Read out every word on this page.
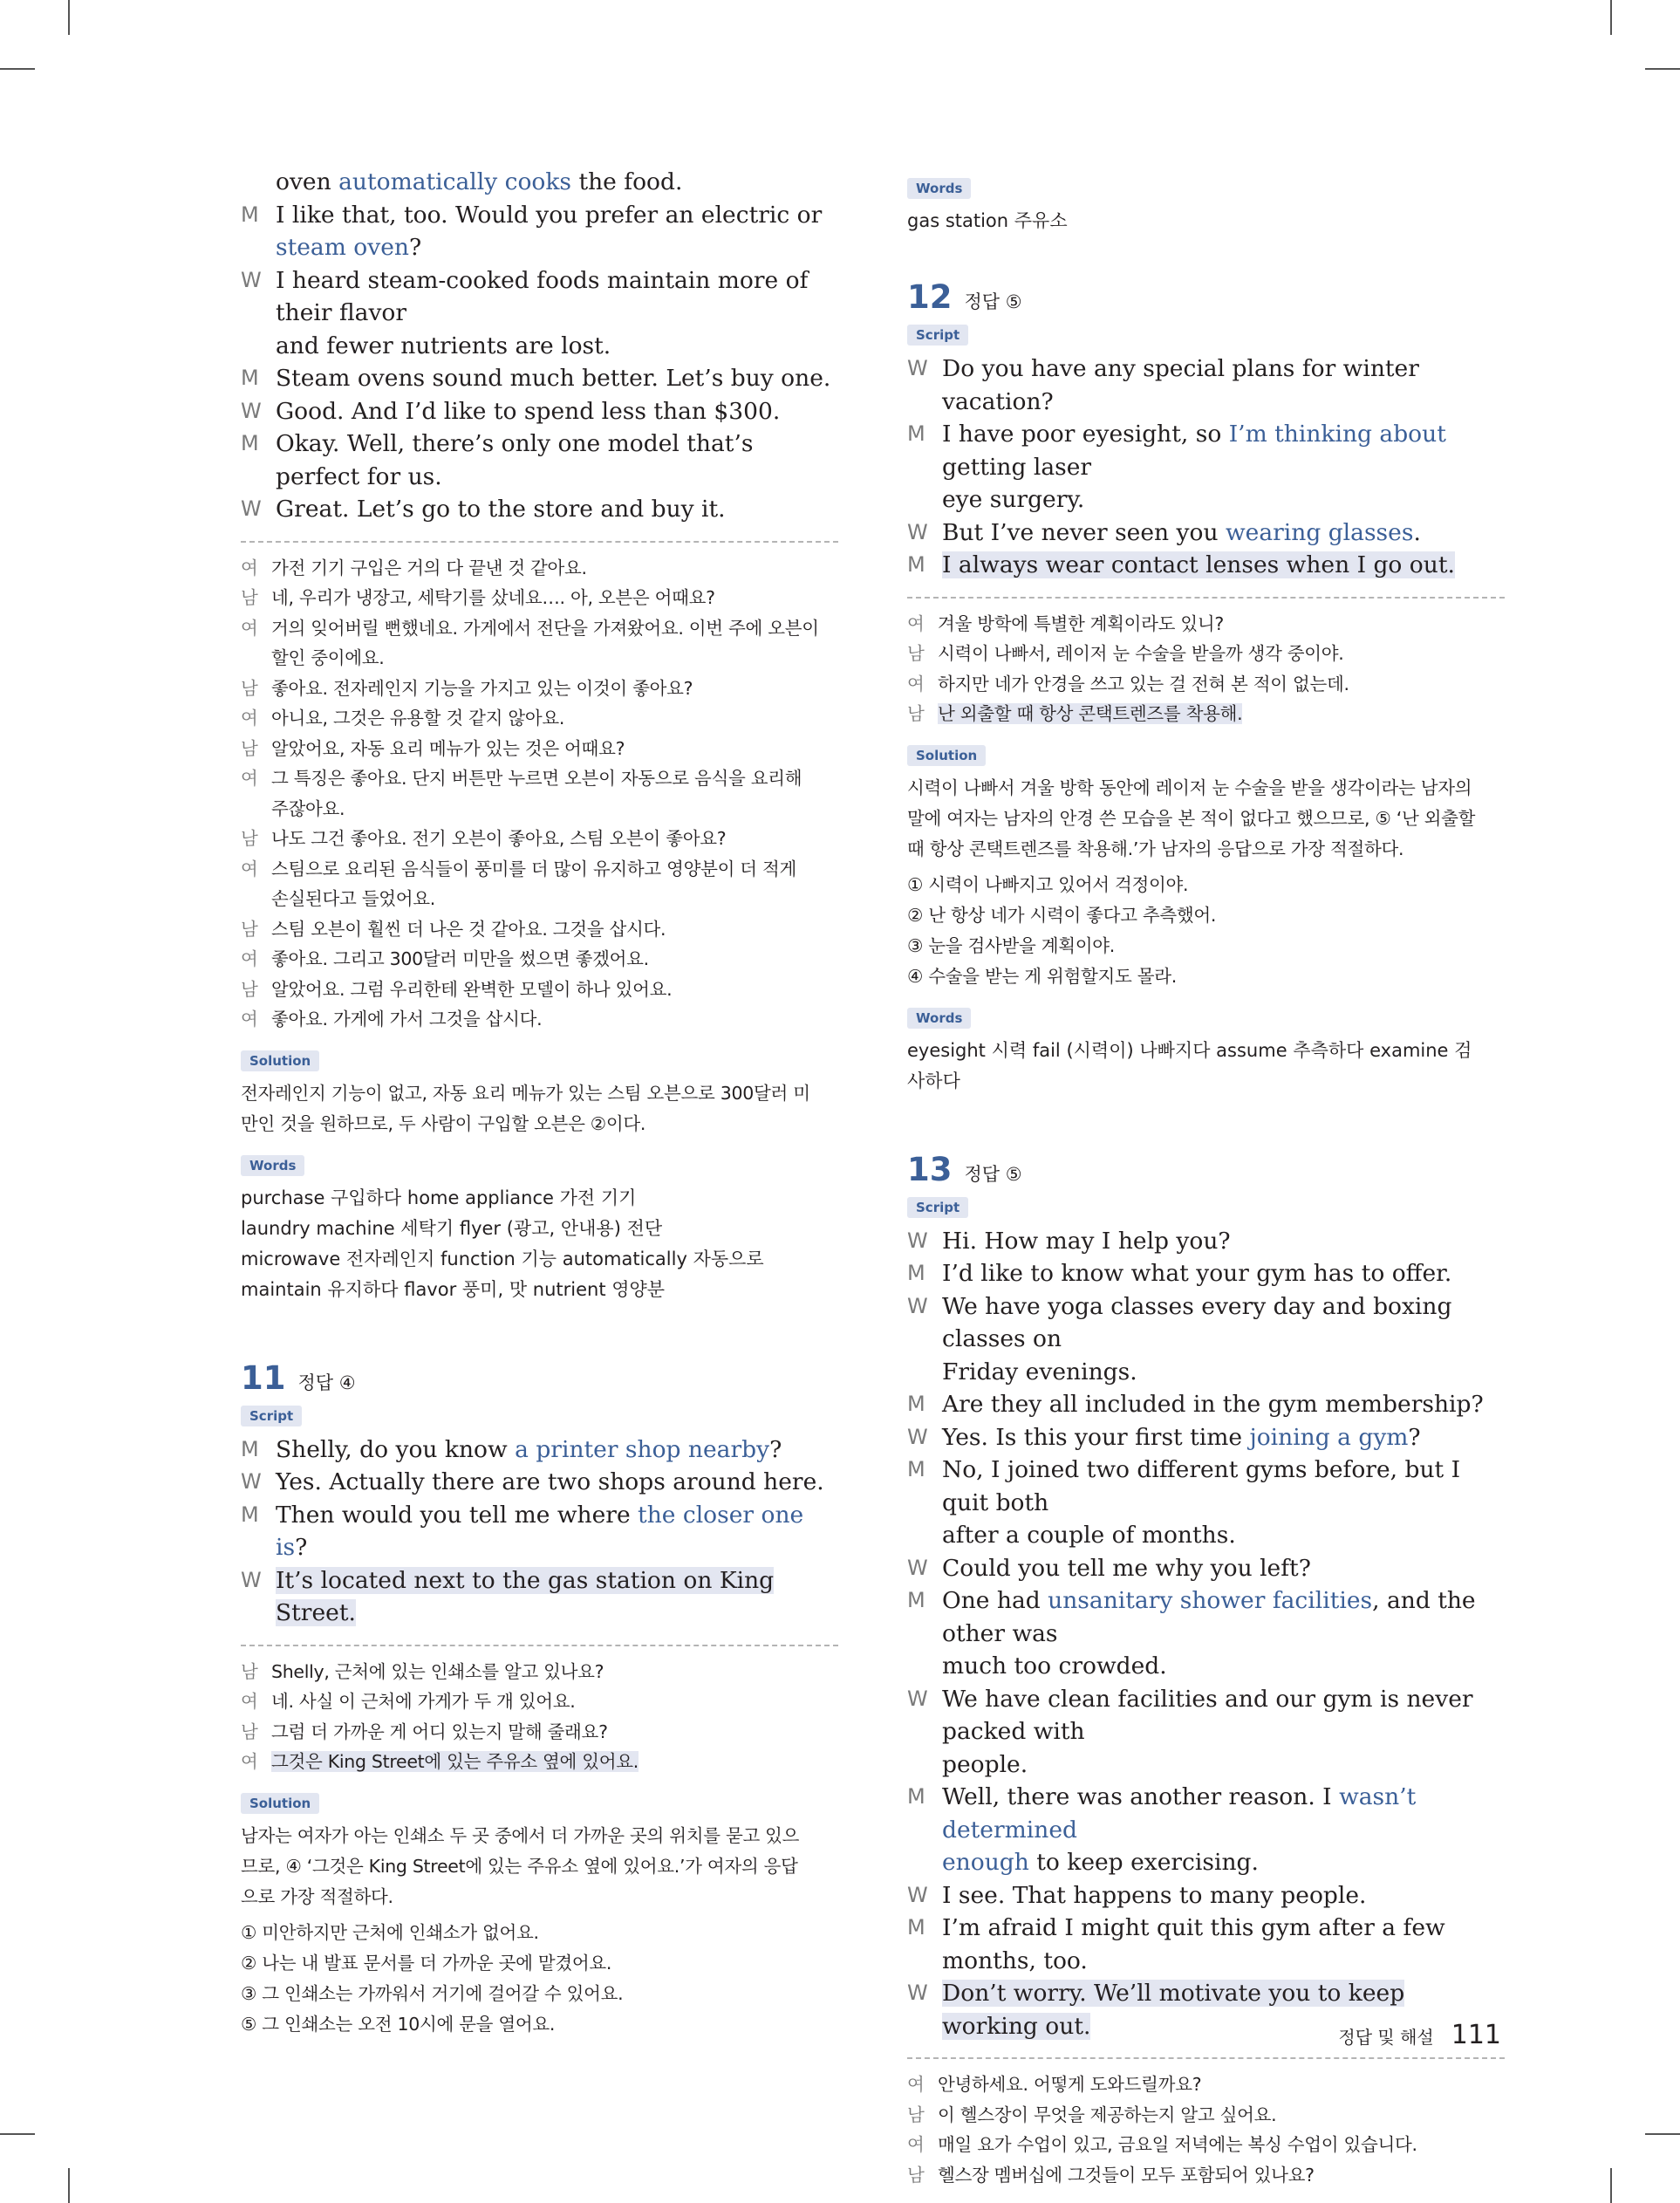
oven automatically cooks the food.
M I like that, too. Would you prefer an electric or steam oven?
W I heard steam-cooked foods maintain more of their flavor
and fewer nutrients are lost.
M Steam ovens sound much better. Let’s buy one.
W Good. And I’d like to spend less than $300.
M Okay. Well, there’s only one model that’s perfect for us.
W Great. Let’s go to the store and buy it.
여 가전 기기 구입은 거의 다 끝낸 것 같아요.
남 네, 우리가 냉장고, 세탁기를 샀네요…. 아, 오븐은 어때요?
여 거의 잊어버릴 뻔했네요. 가게에서 전단을 가져왔어요. 이번 주에 오븐이
할인 중이에요.
남 좋아요. 전자레인지 기능을 가지고 있는 이것이 좋아요?
여 아니요, 그것은 유용할 것 같지 않아요.
남 알았어요, 자동 요리 메뉴가 있는 것은 어때요?
여 그 특징은 좋아요. 단지 버튼만 누르면 오븐이 자동으로 음식을 요리해
주잖아요.
남 나도 그건 좋아요. 전기 오븐이 좋아요, 스팀 오븐이 좋아요?
여 스팀으로 요리된 음식들이 풍미를 더 많이 유지하고 영양분이 더 적게
손실된다고 들었어요.
남 스팀 오븐이 훨씬 더 나은 것 같아요. 그것을 삽시다.
여 좋아요. 그리고 300달러 미만을 썼으면 좋겠어요.
남 알았어요. 그럼 우리한테 완벽한 모델이 하나 있어요.
여 좋아요. 가게에 가서 그것을 삽시다.
Solution
전자레인지 기능이 없고, 자동 요리 메뉴가 있는 스팀 오븐으로 300달러 미
만인 것을 원하므로, 두 사람이 구입할 오븐은 ②이다.
Words
purchase 구입하다 home appliance 가전 기기
laundry machine 세탁기 flyer (광고, 안내용) 전단
microwave 전자레인지 function 기능 automatically 자동으로
maintain 유지하다 flavor 풍미, 맛 nutrient 영양분
11 정답 ④
Script
M Shelly, do you know a printer shop nearby?
W Yes. Actually there are two shops around here.
M Then would you tell me where the closer one is?
W It’s located next to the gas station on King Street.
남 Shelly, 근처에 있는 인쇄소를 알고 있나요?
여 네. 사실 이 근처에 가게가 두 개 있어요.
남 그럼 더 가까운 게 어디 있는지 말해 줄래요?
여 그것은 King Street에 있는 주유소 옆에 있어요.
Solution
남자는 여자가 아는 인쇄소 두 곳 중에서 더 가까운 곳의 위치를 묻고 있으
므로, ④ ‘그것은 King Street에 있는 주유소 옆에 있어요.’가 여자의 응답
으로 가장 적절하다.
① 미안하지만 근처에 인쇄소가 없어요.
② 나는 내 발표 문서를 더 가까운 곳에 맡겼어요.
③ 그 인쇄소는 가까워서 거기에 걸어갈 수 있어요.
⑤ 그 인쇄소는 오전 10시에 문을 열어요.
Words
gas station 주유소
12 정답 ⑤
Script
W Do you have any special plans for winter vacation?
M I have poor eyesight, so I’m thinking about getting laser
eye surgery.
W But I’ve never seen you wearing glasses.
M I always wear contact lenses when I go out.
여 겨울 방학에 특별한 계획이라도 있니?
남 시력이 나빠서, 레이저 눈 수술을 받을까 생각 중이야.
여 하지만 네가 안경을 쓰고 있는 걸 전혀 본 적이 없는데.
남 난 외출할 때 항상 콘택트렌즈를 착용해.
Solution
시력이 나빠서 겨울 방학 동안에 레이저 눈 수술을 받을 생각이라는 남자의
말에 여자는 남자의 안경 쓴 모습을 본 적이 없다고 했으므로, ⑤ ‘난 외출할
때 항상 콘택트렌즈를 착용해.’가 남자의 응답으로 가장 적절하다.
① 시력이 나빠지고 있어서 걱정이야.
② 난 항상 네가 시력이 좋다고 추측했어.
③ 눈을 검사받을 계획이야.
④ 수술을 받는 게 위험할지도 몰라.
Words
eyesight 시력 fail (시력이) 나빠지다 assume 추측하다 examine 검
사하다
13 정답 ⑤
Script
W Hi. How may I help you?
M I’d like to know what your gym has to offer.
W We have yoga classes every day and boxing classes on
Friday evenings.
M Are they all included in the gym membership?
W Yes. Is this your first time joining a gym?
M No, I joined two different gyms before, but I quit both
after a couple of months.
W Could you tell me why you left?
M One had unsanitary shower facilities, and the other was
much too crowded.
W We have clean facilities and our gym is never packed with
people.
M Well, there was another reason. I wasn’t determined
enough to keep exercising.
W I see. That happens to many people.
M I’m afraid I might quit this gym after a few months, too.
W Don’t worry. We’ll motivate you to keep working out.
여 안녕하세요. 어떻게 도와드릴까요?
남 이 헬스장이 무엇을 제공하는지 알고 싶어요.
여 매일 요가 수업이 있고, 금요일 저녁에는 복싱 수업이 있습니다.
남 헬스장 멤버십에 그것들이 모두 포함되어 있나요?
정답 및 해설 111
